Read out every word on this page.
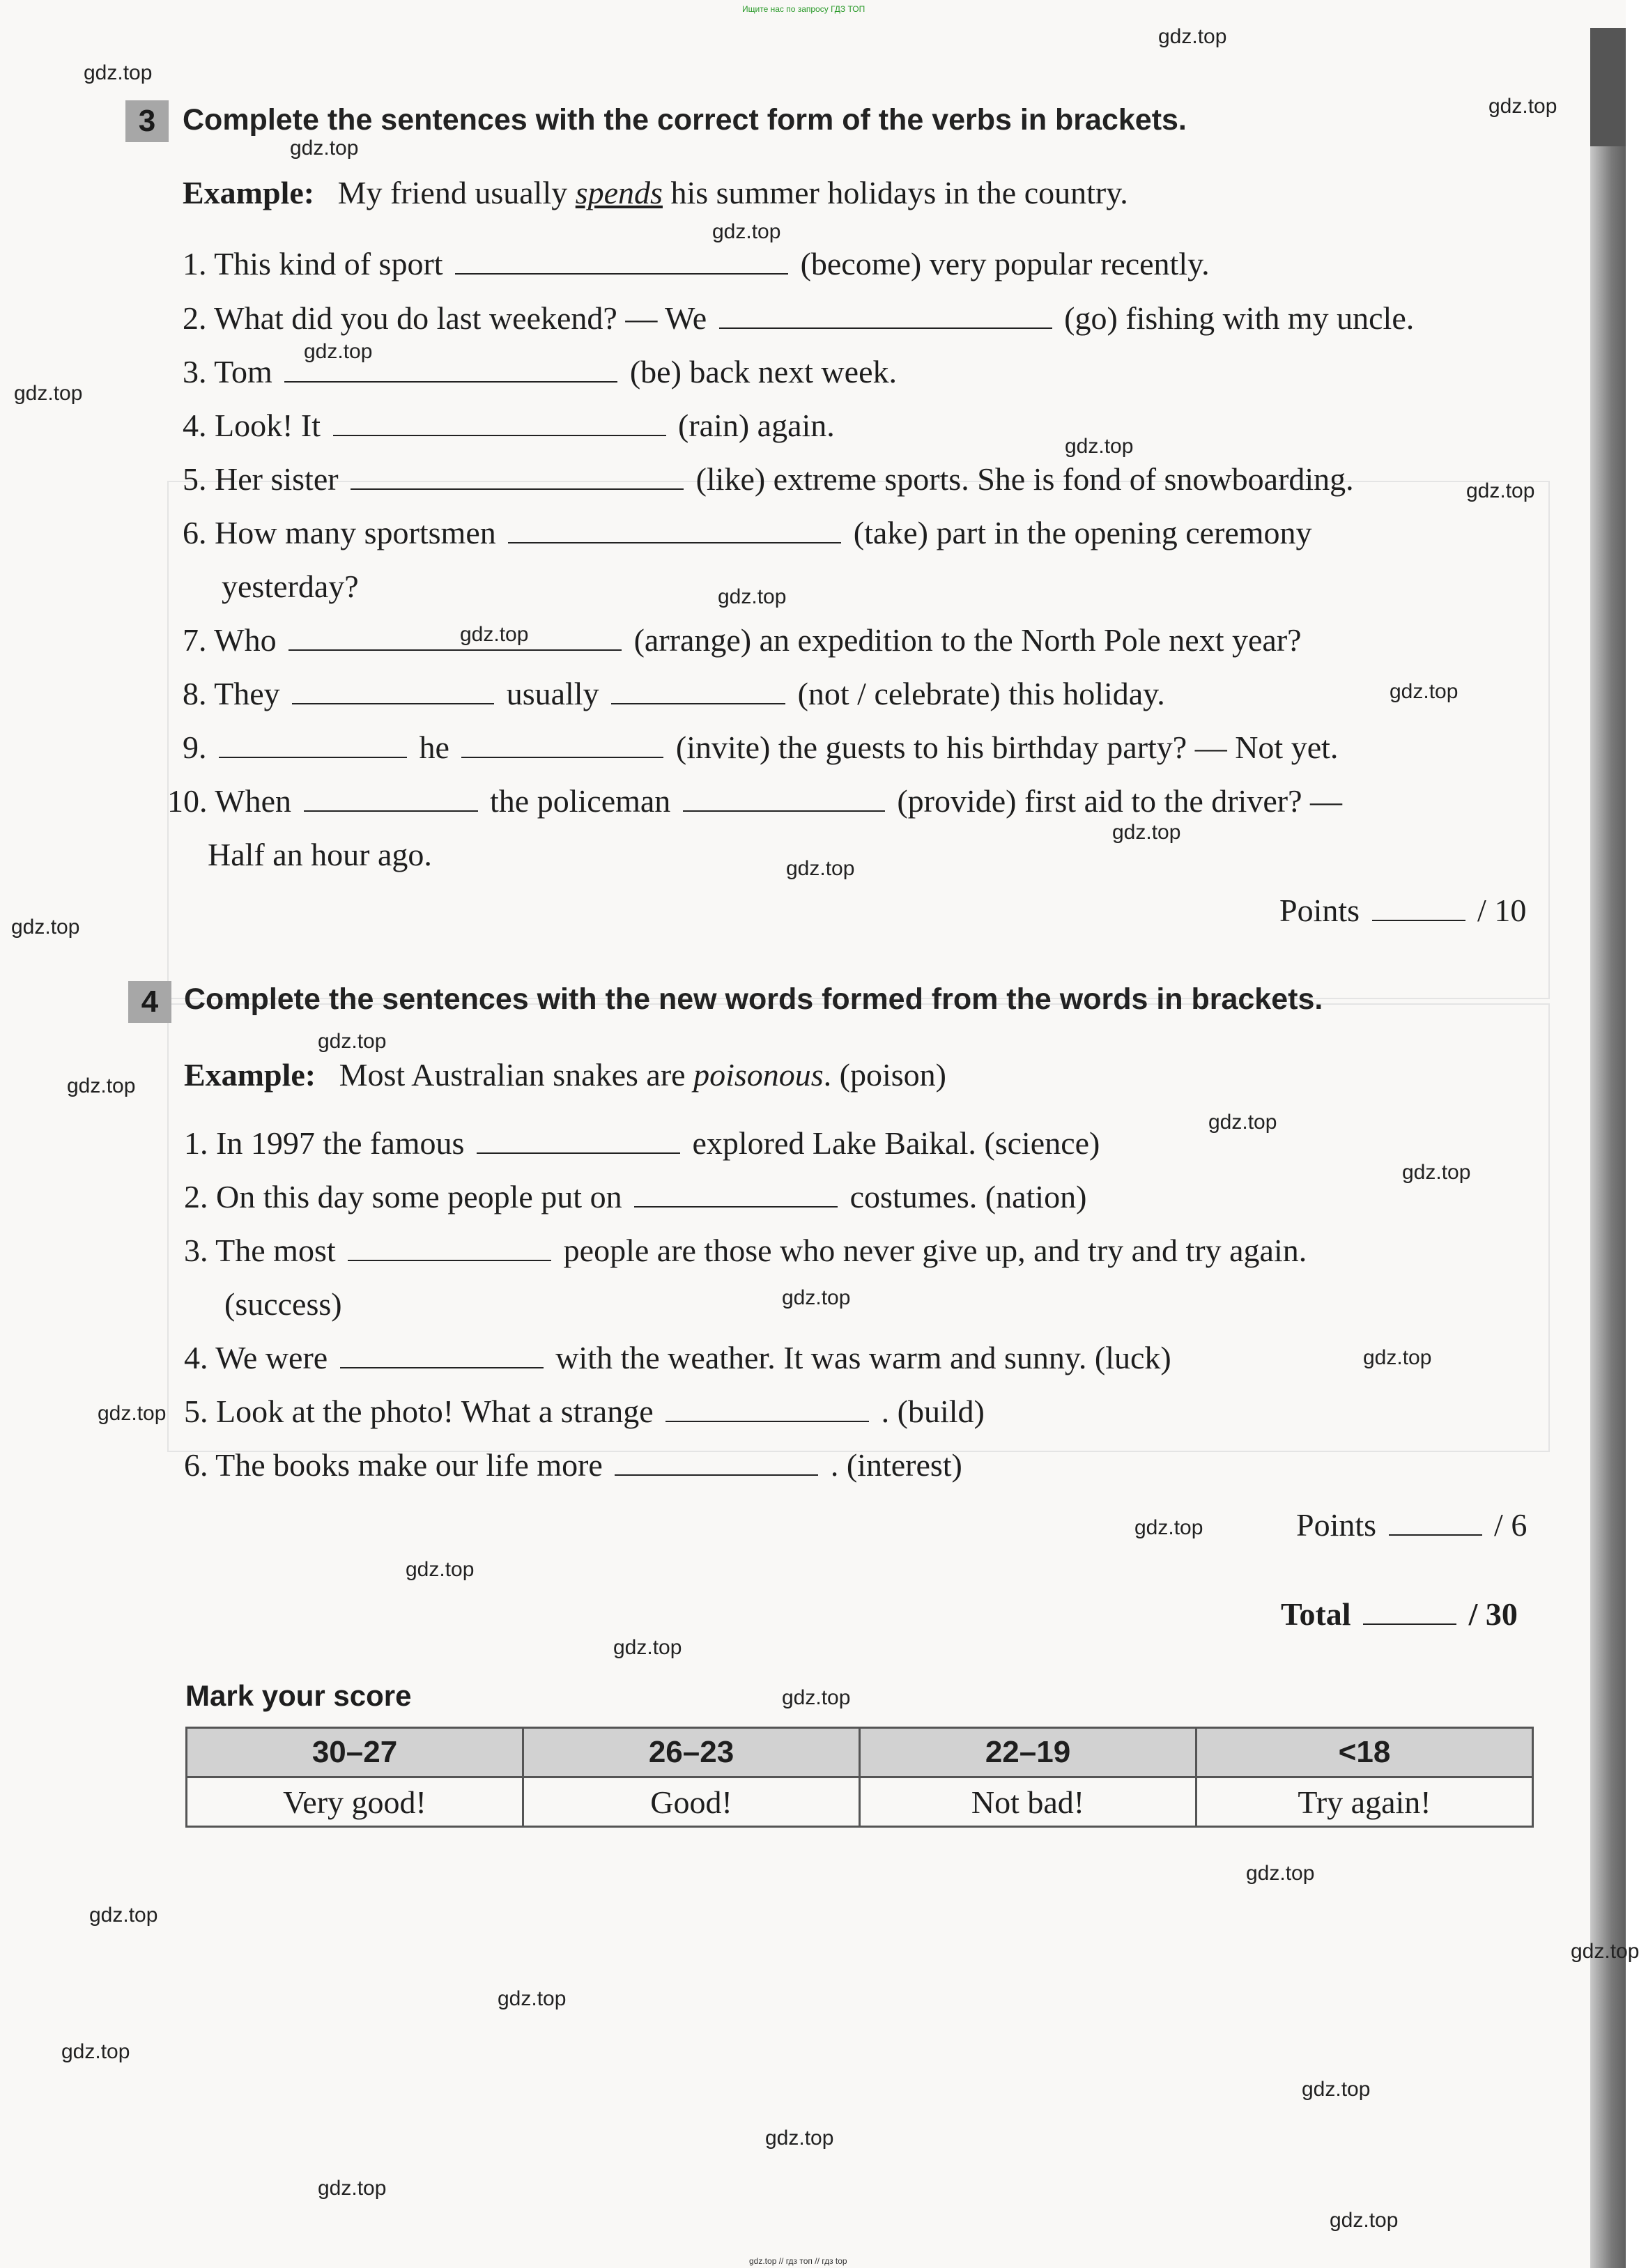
Ищите нас по запросу ГДЗ ТОП
gdz.top
gdz.top
gdz.top
gdz.top
gdz.top
gdz.top
gdz.top
gdz.top
gdz.top
gdz.top
gdz.top
gdz.top
gdz.top
gdz.top
gdz.top
gdz.top
gdz.top
gdz.top
gdz.top
gdz.top
gdz.top
gdz.top
gdz.top
gdz.top
gdz.top
gdz.top
gdz.top
gdz.top
gdz.top
gdz.top
gdz.top
gdz.top
gdz.top
gdz.top
gdz.top
3 Complete the sentences with the correct form of the verbs in brackets.
Example: My friend usually spends his summer holidays in the country.
1. This kind of sport	(become) very popular recently.
2. What did you do last weekend? — We	(go) fishing with my uncle.
3. Tom	(be) back next week.
4. Look! It	(rain) again.
5. Her sister	(like) extreme sports. She is fond of snowboarding.
6. How many sportsmen	(take) part in the opening ceremony
yesterday?
7. Who	(arrange) an expedition to the North Pole next year?
8. They	usually	(not / celebrate) this holiday.
9.	he	(invite) the guests to his birthday party? — Not yet.
10. When	the policeman	(provide) first aid to the driver? —
Half an hour ago.
Points	/ 10
4 Complete the sentences with the new words formed from the words in brackets.
Example: Most Australian snakes are poisonous. (poison)
1. In 1997 the famous	explored Lake Baikal. (science)
2. On this day some people put on	costumes. (nation)
3. The most	people are those who never give up, and try and try again.
(success)
4. We were	with the weather. It was warm and sunny. (luck)
5. Look at the photo! What a strange	. (build)
6. The books make our life more	. (interest)
Points	/ 6
Total	/ 30
Mark your score
30–27	26–23	22–19	<18
Very good!	Good!	Not bad!	Try again!
gdz.top // гдз топ // гдз top
